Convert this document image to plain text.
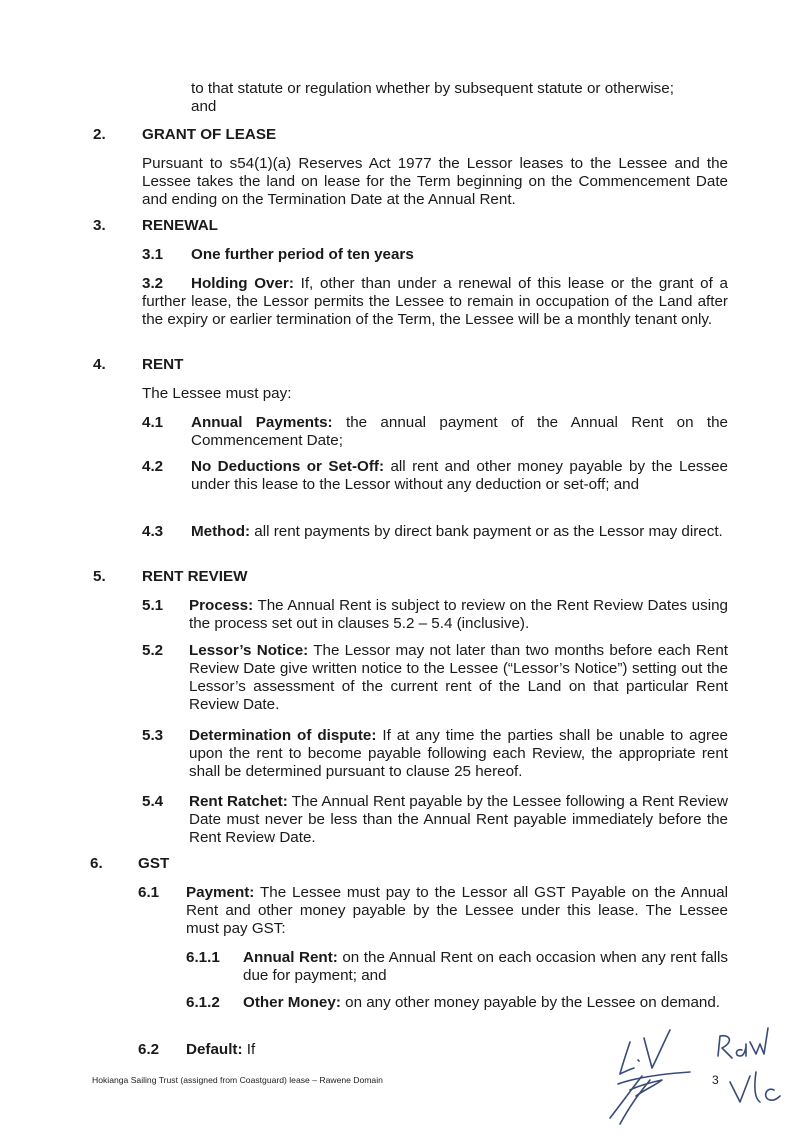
to that statute or regulation whether by subsequent statute or otherwise;
and
2. GRANT OF LEASE
Pursuant to s54(1)(a) Reserves Act 1977 the Lessor leases to the Lessee and the Lessee takes the land on lease for the Term beginning on the Commencement Date and ending on the Termination Date at the Annual Rent.
3. RENEWAL
3.1 One further period of ten years
Holding Over: If, other than under a renewal of this lease or the grant of a further lease, the Lessor permits the Lessee to remain in occupation of the Land after the expiry or earlier termination of the Term, the Lessee will be a monthly tenant only.
3.2
4. RENT
The Lessee must pay:
4.1 Annual Payments: the annual payment of the Annual Rent on the Commencement Date;
4.2 No Deductions or Set-Off: all rent and other money payable by the Lessee under this lease to the Lessor without any deduction or set-off; and
4.3 Method: all rent payments by direct bank payment or as the Lessor may direct.
5. RENT REVIEW
5.1 Process: The Annual Rent is subject to review on the Rent Review Dates using the process set out in clauses 5.2 – 5.4 (inclusive).
5.2 Lessor’s Notice: The Lessor may not later than two months before each Rent Review Date give written notice to the Lessee (“Lessor’s Notice”) setting out the Lessor’s assessment of the current rent of the Land on that particular Rent Review Date.
5.3 Determination of dispute: If at any time the parties shall be unable to agree upon the rent to become payable following each Review, the appropriate rent shall be determined pursuant to clause 25 hereof.
5.4 Rent Ratchet: The Annual Rent payable by the Lessee following a Rent Review Date must never be less than the Annual Rent payable immediately before the Rent Review Date.
6. GST
6.1 Payment: The Lessee must pay to the Lessor all GST Payable on the Annual Rent and other money payable by the Lessee under this lease. The Lessee must pay GST:
6.1.1 Annual Rent: on the Annual Rent on each occasion when any rent falls due for payment; and
6.1.2 Other Money: on any other money payable by the Lessee on demand.
6.2 Default: If
Hokianga Sailing Trust (assigned from Coastguard) lease – Rawene Domain	3
